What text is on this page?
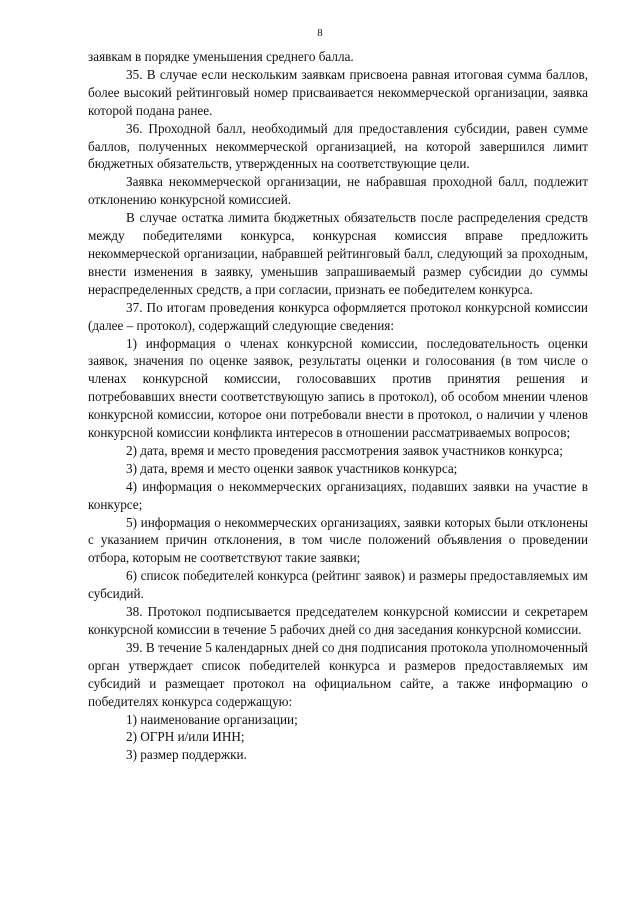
8

заявкам в порядке уменьшения среднего балла.

35. В случае если нескольким заявкам присвоена равная итоговая сумма баллов, более высокий рейтинговый номер присваивается некоммерческой организации, заявка которой подана ранее.

36. Проходной балл, необходимый для предоставления субсидии, равен сумме баллов, полученных некоммерческой организацией, на которой завершился лимит бюджетных обязательств, утвержденных на соответствующие цели.

Заявка некоммерческой организации, не набравшая проходной балл, подлежит отклонению конкурсной комиссией.

В случае остатка лимита бюджетных обязательств после распределения средств между победителями конкурса, конкурсная комиссия вправе предложить некоммерческой организации, набравшей рейтинговый балл, следующий за проходным, внести изменения в заявку, уменьшив запрашиваемый размер субсидии до суммы нераспределенных средств, а при согласии, признать ее победителем конкурса.

37. По итогам проведения конкурса оформляется протокол конкурсной комиссии (далее – протокол), содержащий следующие сведения:

1) информация о членах конкурсной комиссии, последовательность оценки заявок, значения по оценке заявок, результаты оценки и голосования (в том числе о членах конкурсной комиссии, голосовавших против принятия решения и потребовавших внести соответствующую запись в протокол), об особом мнении членов конкурсной комиссии, которое они потребовали внести в протокол, о наличии у членов конкурсной комиссии конфликта интересов в отношении рассматриваемых вопросов;

2) дата, время и место проведения рассмотрения заявок участников конкурса;

3) дата, время и место оценки заявок участников конкурса;

4) информация о некоммерческих организациях, подавших заявки на участие в конкурсе;

5) информация о некоммерческих организациях, заявки которых были отклонены с указанием причин отклонения, в том числе положений объявления о проведении отбора, которым не соответствуют такие заявки;

6) список победителей конкурса (рейтинг заявок) и размеры предоставляемых им субсидий.

38. Протокол подписывается председателем конкурсной комиссии и секретарем конкурсной комиссии в течение 5 рабочих дней со дня заседания конкурсной комиссии.

39. В течение 5 календарных дней со дня подписания протокола уполномоченный орган утверждает список победителей конкурса и размеров предоставляемых им субсидий и размещает протокол на официальном сайте, а также информацию о победителях конкурса содержащую:

1) наименование организации;

2) ОГРН и/или ИНН;

3) размер поддержки.
